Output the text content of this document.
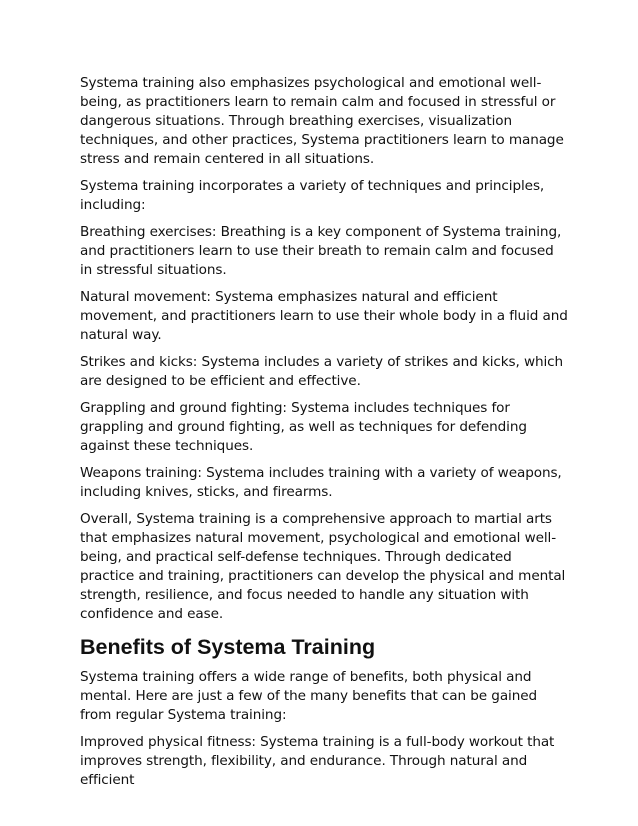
Systema training also emphasizes psychological and emotional well-being, as practitioners learn to remain calm and focused in stressful or dangerous situations. Through breathing exercises, visualization techniques, and other practices, Systema practitioners learn to manage stress and remain centered in all situations.

Systema training incorporates a variety of techniques and principles, including:

Breathing exercises: Breathing is a key component of Systema training, and practitioners learn to use their breath to remain calm and focused in stressful situations.

Natural movement: Systema emphasizes natural and efficient movement, and practitioners learn to use their whole body in a fluid and natural way.

Strikes and kicks: Systema includes a variety of strikes and kicks, which are designed to be efficient and effective.

Grappling and ground fighting: Systema includes techniques for grappling and ground fighting, as well as techniques for defending against these techniques.

Weapons training: Systema includes training with a variety of weapons, including knives, sticks, and firearms.

Overall, Systema training is a comprehensive approach to martial arts that emphasizes natural movement, psychological and emotional well-being, and practical self-defense techniques. Through dedicated practice and training, practitioners can develop the physical and mental strength, resilience, and focus needed to handle any situation with confidence and ease.

Benefits of Systema Training

Systema training offers a wide range of benefits, both physical and mental. Here are just a few of the many benefits that can be gained from regular Systema training:

Improved physical fitness: Systema training is a full-body workout that improves strength, flexibility, and endurance. Through natural and efficient
